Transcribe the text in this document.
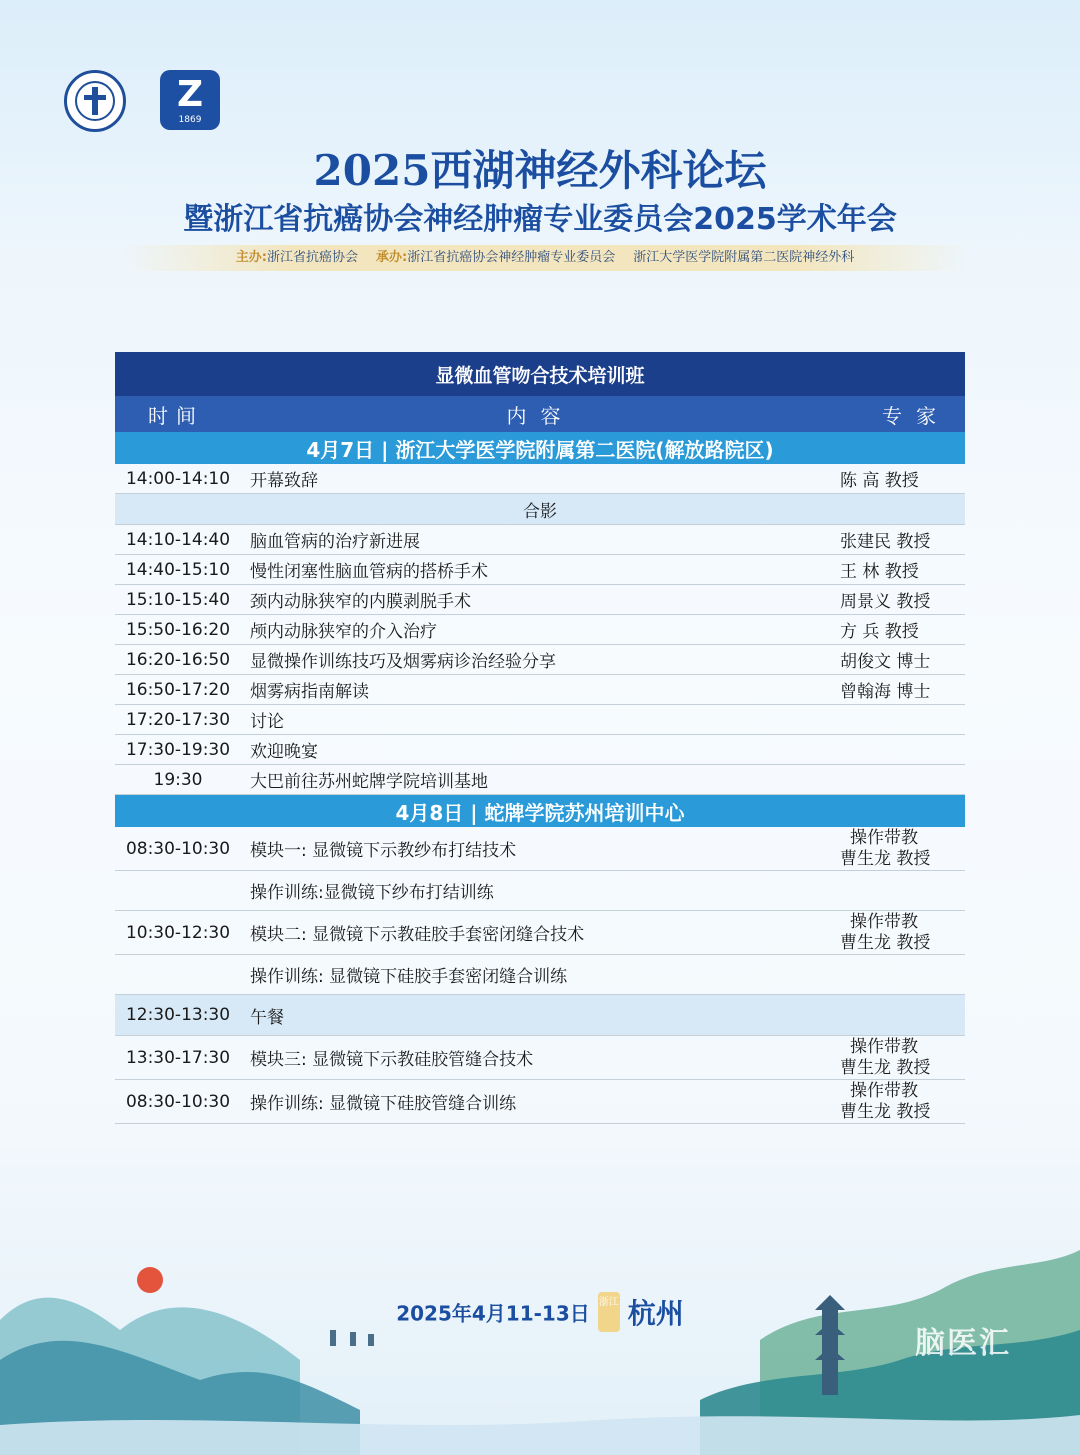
Z
1869
2025西湖神经外科论坛
暨浙江省抗癌协会神经肿瘤专业委员会2025学术年会
主办:浙江省抗癌协会 承办:浙江省抗癌协会神经肿瘤专业委员会 浙江大学医学院附属第二医院神经外科
显微血管吻合技术培训班		
时间	内容	专家
4月7日 | 浙江大学医学院附属第二医院(解放路院区)		
14:00-14:10	开幕致辞	陈 高 教授
合影		
14:10-14:40	脑血管病的治疗新进展	张建民 教授
14:40-15:10	慢性闭塞性脑血管病的搭桥手术	王 林 教授
15:10-15:40	颈内动脉狭窄的内膜剥脱手术	周景义 教授
15:50-16:20	颅内动脉狭窄的介入治疗	方 兵 教授
16:20-16:50	显微操作训练技巧及烟雾病诊治经验分享	胡俊文 博士
16:50-17:20	烟雾病指南解读	曾翰海 博士
17:20-17:30	讨论	
17:30-19:30	欢迎晚宴	
19:30	大巴前往苏州蛇牌学院培训基地	
4月8日 | 蛇牌学院苏州培训中心		
08:30-10:30	模块一: 显微镜下示教纱布打结技术	操作带教
曹生龙 教授

	操作训练:显微镜下纱布打结训练	
10:30-12:30	模块二: 显微镜下示教硅胶手套密闭缝合技术	操作带教
曹生龙 教授

	操作训练: 显微镜下硅胶手套密闭缝合训练	
12:30-13:30	午餐	
13:30-17:30	模块三: 显微镜下示教硅胶管缝合技术	操作带教
曹生龙 教授

08:30-10:30	操作训练: 显微镜下硅胶管缝合训练	操作带教
曹生龙 教授
2025年4月11-13日 浙江 杭州
脑医汇
